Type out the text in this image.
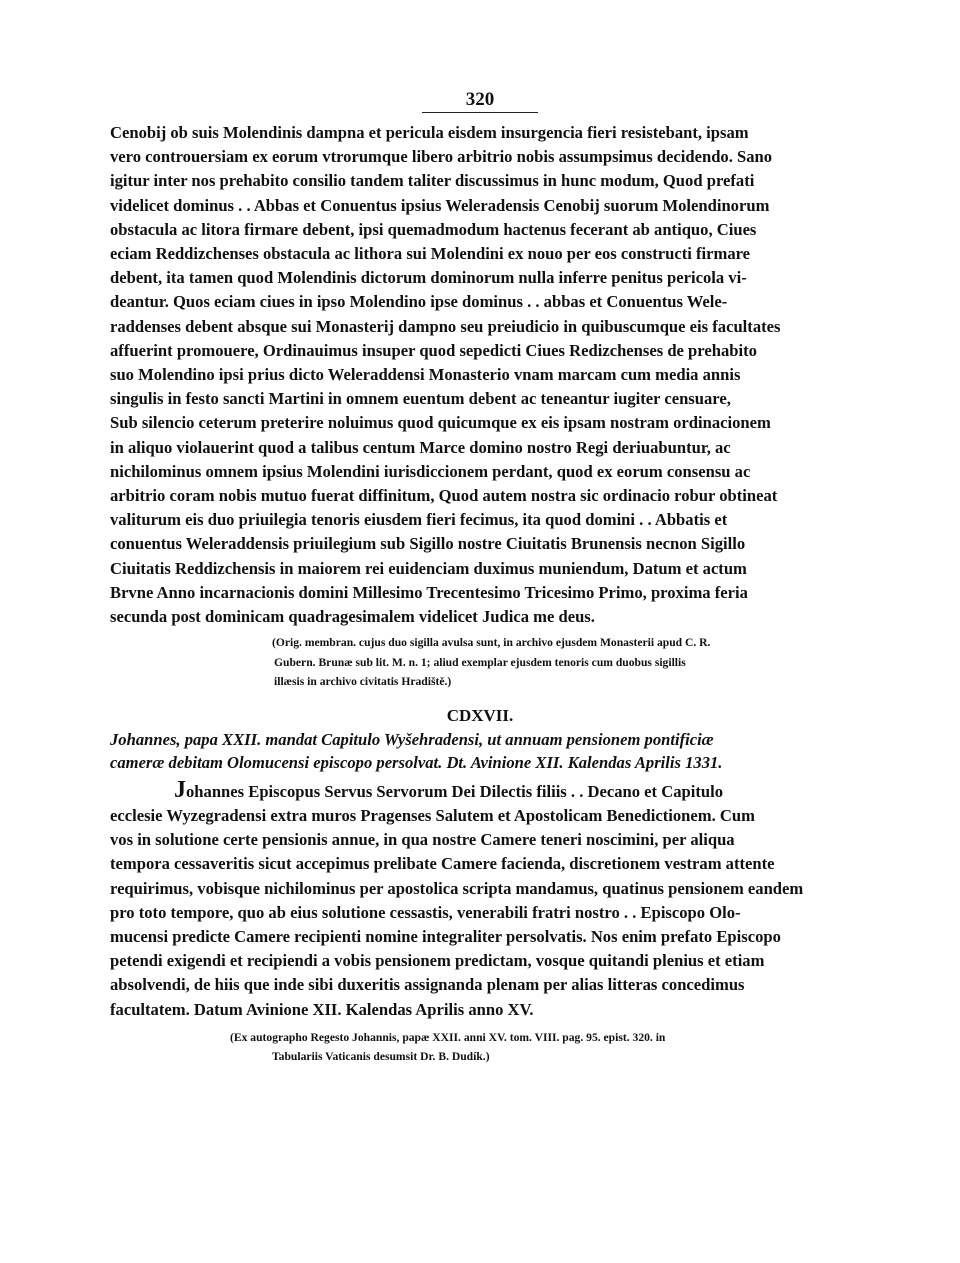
320

Cenobij ob suis Molendinis dampna et pericula eisdem insurgencia fieri resistebant, ipsam

vero controuersiam ex eorum vtrorumque libero arbitrio nobis assumpsimus decidendo. Sano

igitur inter nos prehabito consilio tandem taliter discussimus in hunc modum, Quod prefati

videlicet dominus . . Abbas et Conuentus ipsius Weleradensis Cenobij suorum Molendinorum

obstacula ac litora firmare debent, ipsi quemadmodum hactenus fecerant ab antiquo, Ciues

eciam Reddizchenses obstacula ac lithora sui Molendini ex nouo per eos constructi firmare

debent, ita tamen quod Molendinis dictorum dominorum nulla inferre penitus pericola vi-

deantur. Quos eciam ciues in ipso Molendino ipse dominus . . abbas et Conuentus Wele-

raddenses debent absque sui Monasterij dampno seu preiudicio in quibuscumque eis facultates

affuerint promouere, Ordinauimus insuper quod sepedicti Ciues Redizchenses de prehabito

suo Molendino ipsi prius dicto Weleraddensi Monasterio vnam marcam cum media annis

singulis in festo sancti Martini in omnem euentum debent ac teneantur iugiter censuare,

Sub silencio ceterum preterire noluimus quod quicumque ex eis ipsam nostram ordinacionem

in aliquo violauerint quod a talibus centum Marce domino nostro Regi deriuabuntur, ac

nichilominus omnem ipsius Molendini iurisdiccionem perdant, quod ex eorum consensu ac

arbitrio coram nobis mutuo fuerat diffinitum, Quod autem nostra sic ordinacio robur obtineat

valiturum eis duo priuilegia tenoris eiusdem fieri fecimus, ita quod domini . . Abbatis et

conuentus Weleraddensis priuilegium sub Sigillo nostre Ciuitatis Brunensis necnon Sigillo

Ciuitatis Reddizchensis in maiorem rei euidenciam duximus muniendum, Datum et actum

Brvne Anno incarnacionis domini Millesimo Trecentesimo Tricesimo Primo, proxima feria

secunda post dominicam quadragesimalem videlicet Judica me deus.

(Orig. membran. cujus duo sigilla avulsa sunt, in archivo ejusdem Monasterii apud C. R.

Gubern. Brunæ sub lit. M. n. 1; aliud exemplar ejusdem tenoris cum duobus sigillis

illæsis in archivo civitatis Hradiště.)

CDXVII.
Johannes, papa XXII. mandat Capitulo Wyšehradensi, ut annuam pensionem pontificiæ
cameræ debitam Olomucensi episcopo persolvat. Dt. Avinione XII. Kalendas Aprilis 1331.

Johannes Episcopus Servus Servorum Dei Dilectis filiis . . Decano et Capitulo

ecclesie Wyzegradensi extra muros Pragenses Salutem et Apostolicam Benedictionem. Cum

vos in solutione certe pensionis annue, in qua nostre Camere teneri noscimini, per aliqua

tempora cessaveritis sicut accepimus prelibate Camere facienda, discretionem vestram attente

requirimus, vobisque nichilominus per apostolica scripta mandamus, quatinus pensionem eandem

pro toto tempore, quo ab eius solutione cessastis, venerabili fratri nostro . . Episcopo Olo-

mucensi predicte Camere recipienti nomine integraliter persolvatis. Nos enim prefato Episcopo

petendi exigendi et recipiendi a vobis pensionem predictam, vosque quitandi plenius et etiam

absolvendi, de hiis que inde sibi duxeritis assignanda plenam per alias litteras concedimus

facultatem. Datum Avinione XII. Kalendas Aprilis anno XV.

(Ex autographo Regesto Johannis, papæ XXII. anni XV. tom. VIII. pag. 95. epist. 320. in
Tabulariis Vaticanis desumsit Dr. B. Dudík.)
